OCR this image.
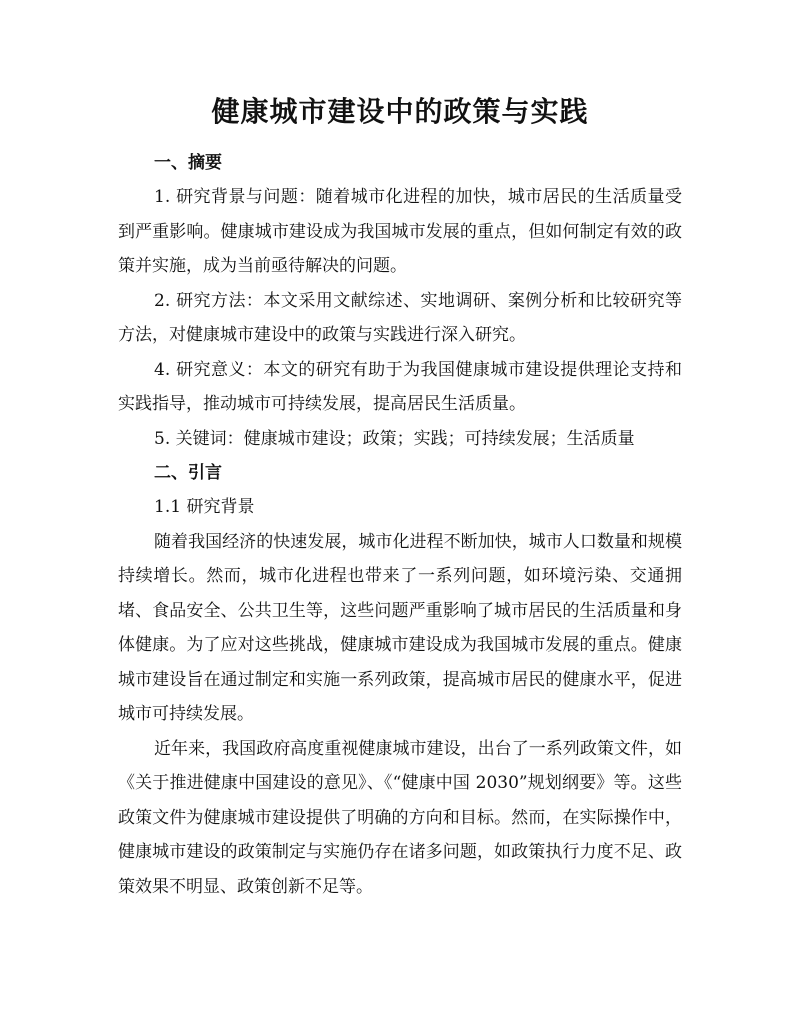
健康城市建设中的政策与实践
一、摘要
1. 研究背景与问题：随着城市化进程的加快，城市居民的生活质量受到严重影响。健康城市建设成为我国城市发展的重点，但如何制定有效的政策并实施，成为当前亟待解决的问题。
2. 研究方法：本文采用文献综述、实地调研、案例分析和比较研究等方法，对健康城市建设中的政策与实践进行深入研究。
4. 研究意义：本文的研究有助于为我国健康城市建设提供理论支持和实践指导，推动城市可持续发展，提高居民生活质量。
5. 关键词：健康城市建设；政策；实践；可持续发展；生活质量
二、引言
1.1 研究背景
随着我国经济的快速发展，城市化进程不断加快，城市人口数量和规模持续增长。然而，城市化进程也带来了一系列问题，如环境污染、交通拥堵、食品安全、公共卫生等，这些问题严重影响了城市居民的生活质量和身体健康。为了应对这些挑战，健康城市建设成为我国城市发展的重点。健康城市建设旨在通过制定和实施一系列政策，提高城市居民的健康水平，促进城市可持续发展。
近年来，我国政府高度重视健康城市建设，出台了一系列政策文件，如《关于推进健康中国建设的意见》、《“健康中国 2030”规划纲要》等。这些政策文件为健康城市建设提供了明确的方向和目标。然而，在实际操作中，健康城市建设的政策制定与实施仍存在诸多问题，如政策执行力度不足、政策效果不明显、政策创新不足等。
